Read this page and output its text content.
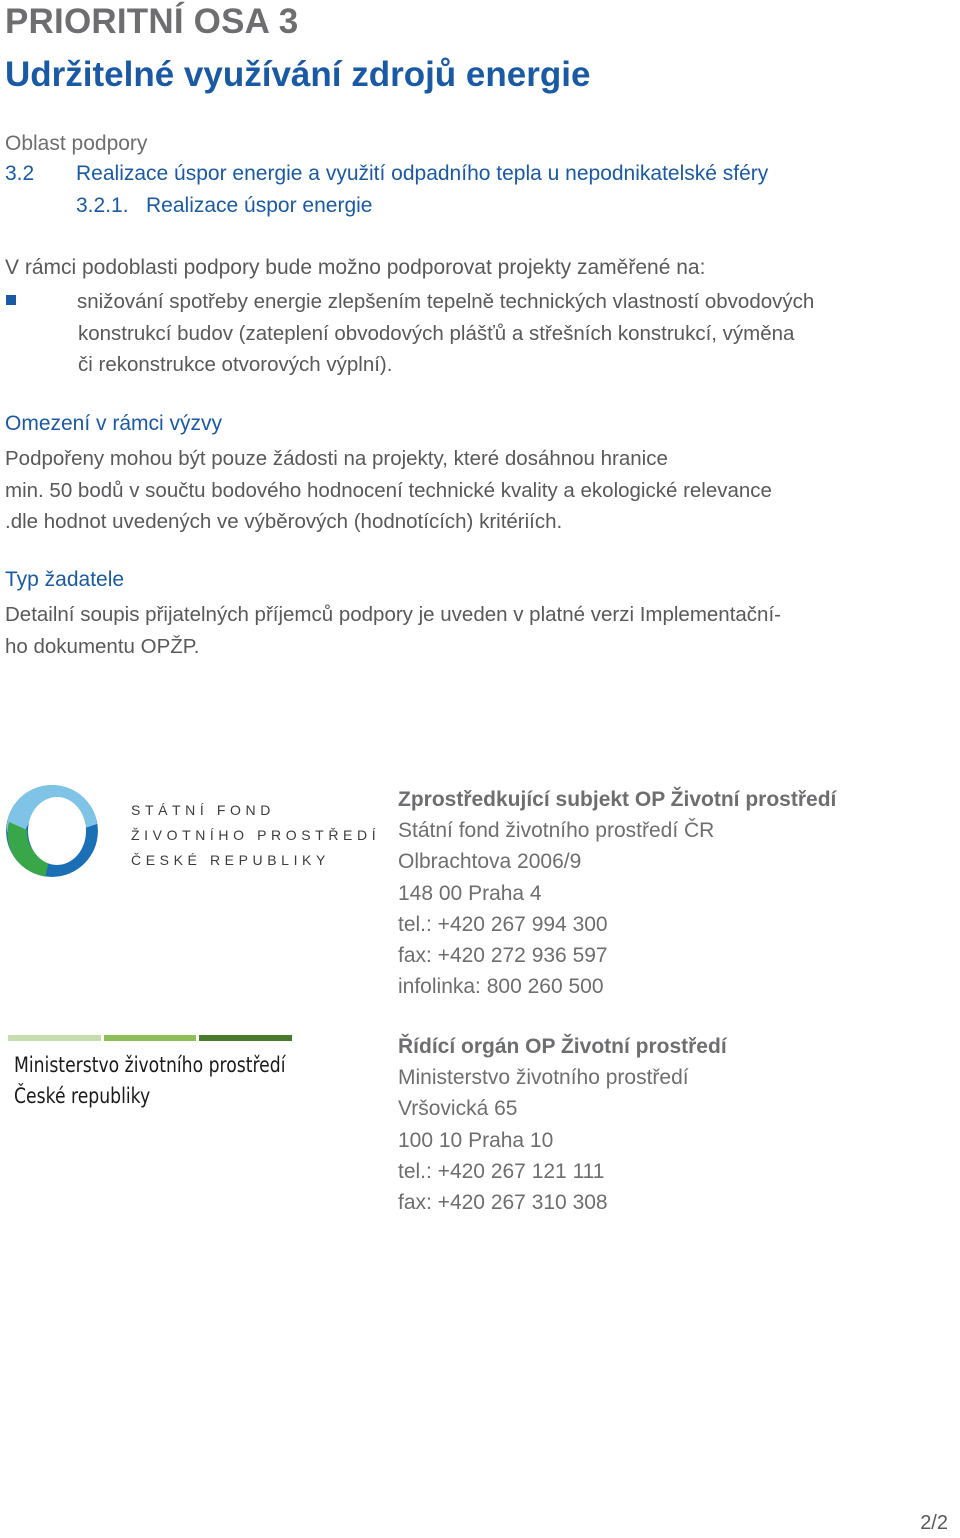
PRIORITNÍ OSA 3
Udržitelné využívání zdrojů energie
Oblast podpory
3.2 Realizace úspor energie a využití odpadního tepla u nepodnikatelské sféry
3.2.1. Realizace úspor energie
V rámci podoblasti podpory bude možno podporovat projekty zaměřené na:
snižování spotřeby energie zlepšením tepelně technických vlastností obvodových
konstrukcí budov (zateplení obvodových plášťů a střešních konstrukcí, výměna
či rekonstrukce otvorových výplní).
Omezení v rámci výzvy
Podpořeny mohou být pouze žádosti na projekty, které dosáhnou hranice
min. 50 bodů v součtu bodového hodnocení technické kvality a ekologické relevance
.dle hodnot uvedených ve výběrových (hodnotících) kritériích.
Typ žadatele
Detailní soupis přijatelných příjemců podpory je uveden v platné verzi Implementační-
ho dokumentu OPŽP.
STÁTNÍ FOND
ŽIVOTNÍHO PROSTŘEDÍ
ČESKÉ REPUBLIKY
Zprostředkující subjekt OP Životní prostředí
Státní fond životního prostředí ČR
Olbrachtova 2006/9
148 00 Praha 4
tel.: +420 267 994 300
fax: +420 272 936 597
infolinka: 800 260 500
Ministerstvo životního prostředí
České republiky
Řídící orgán OP Životní prostředí
Ministerstvo životního prostředí
Vršovická 65
100 10 Praha 10
tel.: +420 267 121 111
fax: +420 267 310 308
2/2
